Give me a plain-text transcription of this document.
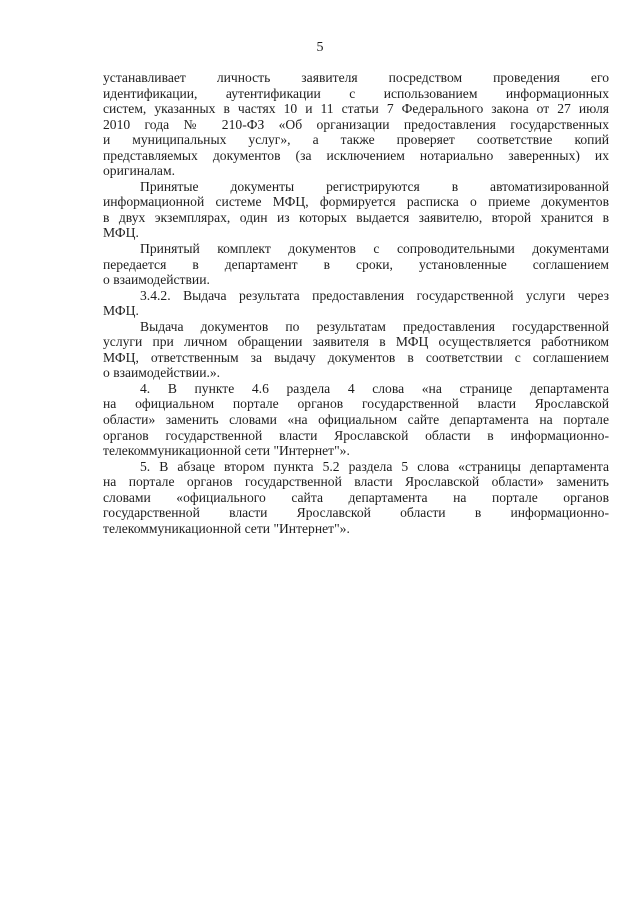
5
устанавливает личность заявителя посредством проведения его
идентификации, аутентификации с использованием информационных
систем, указанных в частях 10 и 11 статьи 7 Федерального закона от 27 июля
2010 года № 210-ФЗ «Об организации предоставления государственных
и муниципальных услуг», а также проверяет соответствие копий
представляемых документов (за исключением нотариально заверенных) их
оригиналам.
Принятые документы регистрируются в автоматизированной
информационной системе МФЦ, формируется расписка о приеме документов
в двух экземплярах, один из которых выдается заявителю, второй хранится в
МФЦ.
Принятый комплект документов с сопроводительными документами
передается в департамент в сроки, установленные соглашением
о взаимодействии.
3.4.2. Выдача результата предоставления государственной услуги через
МФЦ.
Выдача документов по результатам предоставления государственной
услуги при личном обращении заявителя в МФЦ осуществляется работником
МФЦ, ответственным за выдачу документов в соответствии с соглашением
о взаимодействии.».
4. В пункте 4.6 раздела 4 слова «на странице департамента
на официальном портале органов государственной власти Ярославской
области» заменить словами «на официальном сайте департамента на портале
органов государственной власти Ярославской области в информационно-
телекоммуникационной сети "Интернет"».
5. В абзаце втором пункта 5.2 раздела 5 слова «страницы департамента
на портале органов государственной власти Ярославской области» заменить
словами «официального сайта департамента на портале органов
государственной власти Ярославской области в информационно-
телекоммуникационной сети "Интернет"».
